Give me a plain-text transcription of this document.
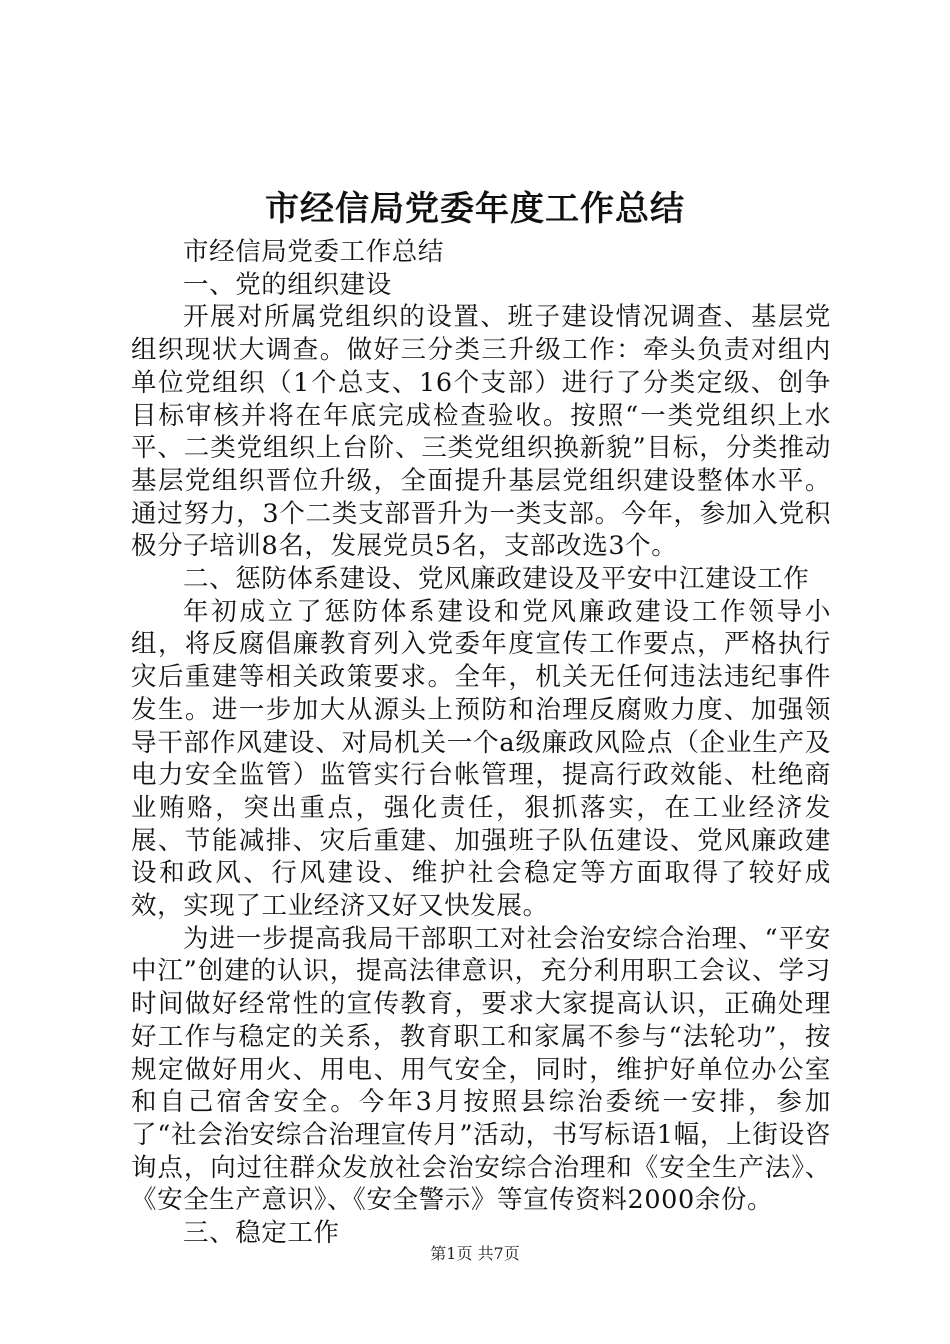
市经信局党委年度工作总结

市经信局党委工作总结

一、党的组织建设

开展对所属党组织的设置、班子建设情况调查、基层党组织现状大调查。做好三分类三升级工作：牵头负责对组内单位党组织（1个总支、16个支部）进行了分类定级、创争目标审核并将在年底完成检查验收。按照“一类党组织上水平、二类党组织上台阶、三类党组织换新貌”目标，分类推动基层党组织晋位升级，全面提升基层党组织建设整体水平。通过努力，3个二类支部晋升为一类支部。今年，参加入党积极分子培训8名，发展党员5名，支部改选3个。

二、惩防体系建设、党风廉政建设及平安中江建设工作

年初成立了惩防体系建设和党风廉政建设工作领导小组，将反腐倡廉教育列入党委年度宣传工作要点，严格执行灾后重建等相关政策要求。全年，机关无任何违法违纪事件发生。进一步加大从源头上预防和治理反腐败力度、加强领导干部作风建设、对局机关一个a级廉政风险点（企业生产及电力安全监管）监管实行台帐管理，提高行政效能、杜绝商业贿赂，突出重点，强化责任，狠抓落实，在工业经济发展、节能减排、灾后重建、加强班子队伍建设、党风廉政建设和政风、行风建设、维护社会稳定等方面取得了较好成效，实现了工业经济又好又快发展。

为进一步提高我局干部职工对社会治安综合治理、“平安中江”创建的认识，提高法律意识，充分利用职工会议、学习时间做好经常性的宣传教育，要求大家提高认识，正确处理好工作与稳定的关系，教育职工和家属不参与“法轮功”，按规定做好用火、用电、用气安全，同时，维护好单位办公室和自己宿舍安全。今年3月按照县综治委统一安排，参加了“社会治安综合治理宣传月”活动，书写标语1幅，上街设咨询点，向过往群众发放社会治安综合治理和《安全生产法》、《安全生产意识》、《安全警示》等宣传资料2000余份。

三、稳定工作

第1页 共7页
